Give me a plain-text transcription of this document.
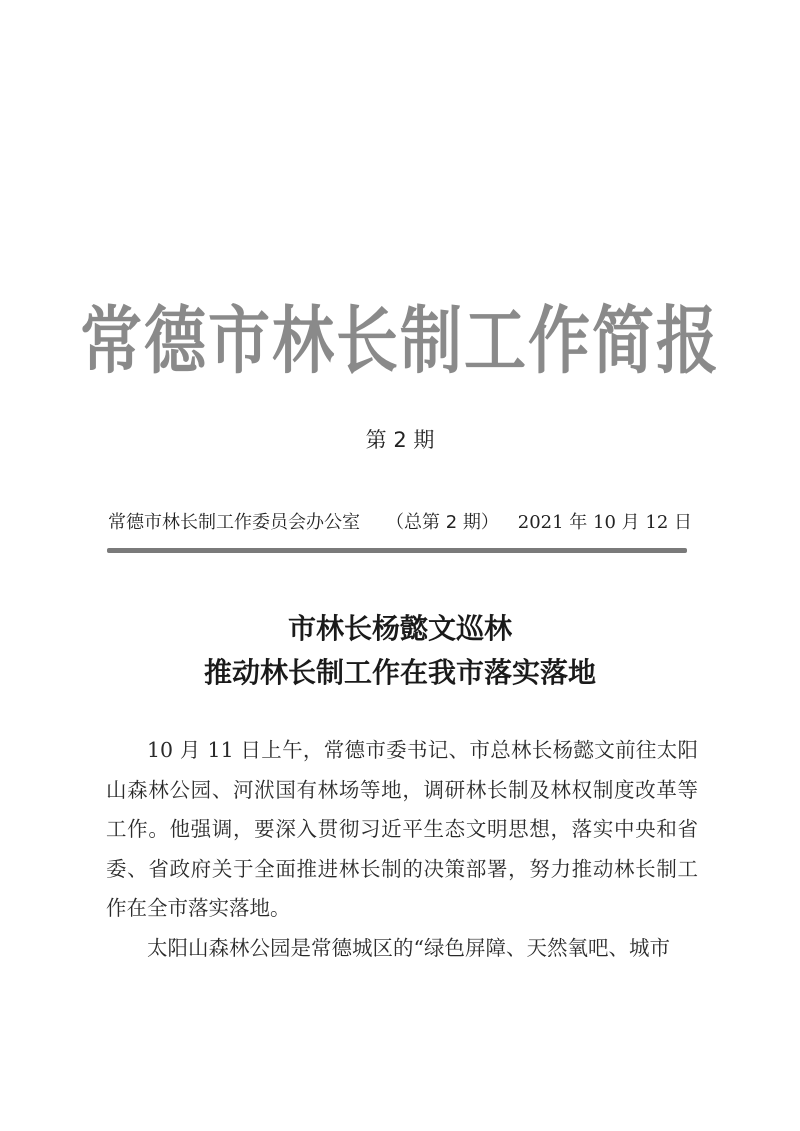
常德市林长制工作简报
第 2 期
常德市林长制工作委员会办公室 （总第 2 期） 2021 年 10 月 12 日
市林长杨懿文巡林
推动林长制工作在我市落实落地

10 月 11 日上午，常德市委书记、市总林长杨懿文前往太阳山森林公园、河洑国有林场等地，调研林长制及林权制度改革等工作。他强调，要深入贯彻习近平生态文明思想，落实中央和省委、省政府关于全面推进林长制的决策部署，努力推动林长制工作在全市落实落地。

太阳山森林公园是常德城区的“绿色屏障、天然氧吧、城市
